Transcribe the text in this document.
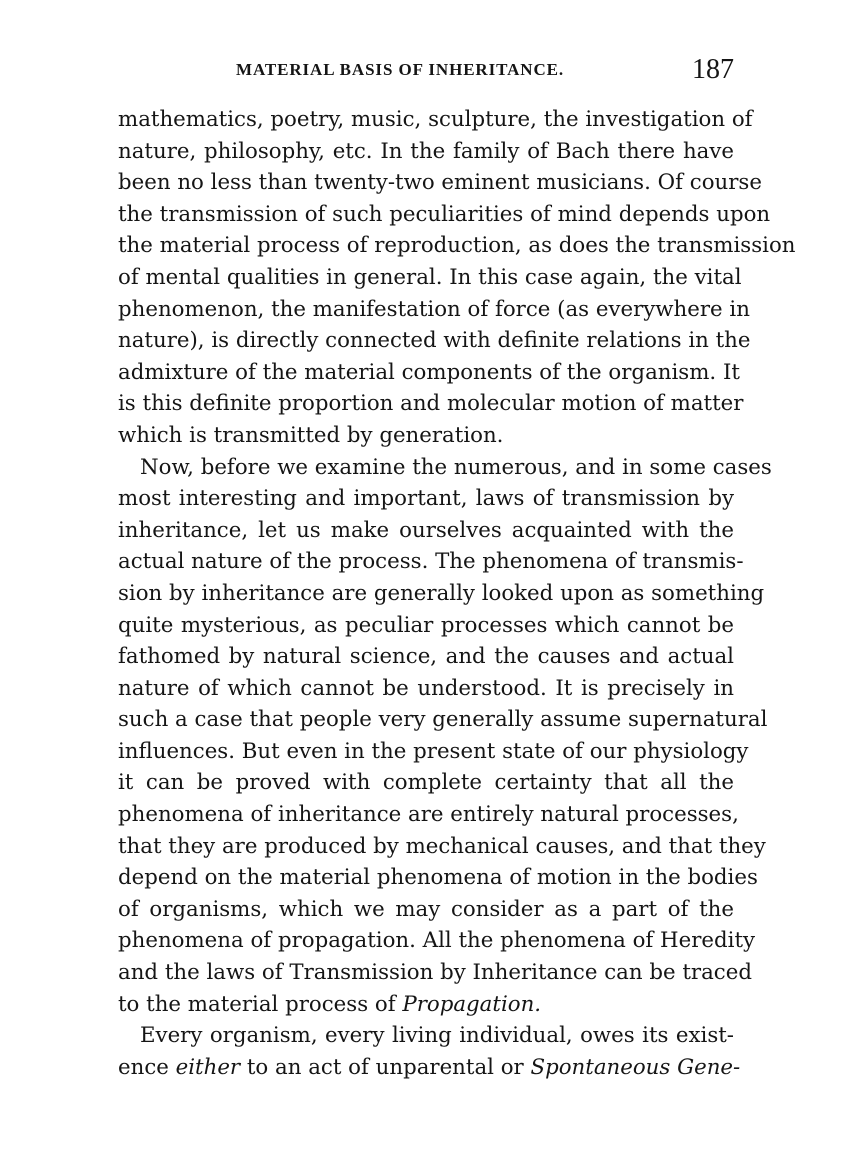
MATERIAL BASIS OF INHERITANCE.	187
mathematics, poetry, music, sculpture, the investigation of
nature, philosophy, etc. In the family of Bach there have
been no less than twenty-two eminent musicians. Of course
the transmission of such peculiarities of mind depends upon
the material process of reproduction, as does the transmission
of mental qualities in general. In this case again, the vital
phenomenon, the manifestation of force (as everywhere in
nature), is directly connected with definite relations in the
admixture of the material components of the organism. It
is this definite proportion and molecular motion of matter
which is transmitted by generation.
Now, before we examine the numerous, and in some cases
most interesting and important, laws of transmission by
inheritance, let us make ourselves acquainted with the
actual nature of the process. The phenomena of transmis-
sion by inheritance are generally looked upon as something
quite mysterious, as peculiar processes which cannot be
fathomed by natural science, and the causes and actual
nature of which cannot be understood. It is precisely in
such a case that people very generally assume supernatural
influences. But even in the present state of our physiology
it can be proved with complete certainty that all the
phenomena of inheritance are entirely natural processes,
that they are produced by mechanical causes, and that they
depend on the material phenomena of motion in the bodies
of organisms, which we may consider as a part of the
phenomena of propagation. All the phenomena of Heredity
and the laws of Transmission by Inheritance can be traced
to the material process of Propagation.
Every organism, every living individual, owes its exist-
ence either to an act of unparental or Spontaneous Gene-
